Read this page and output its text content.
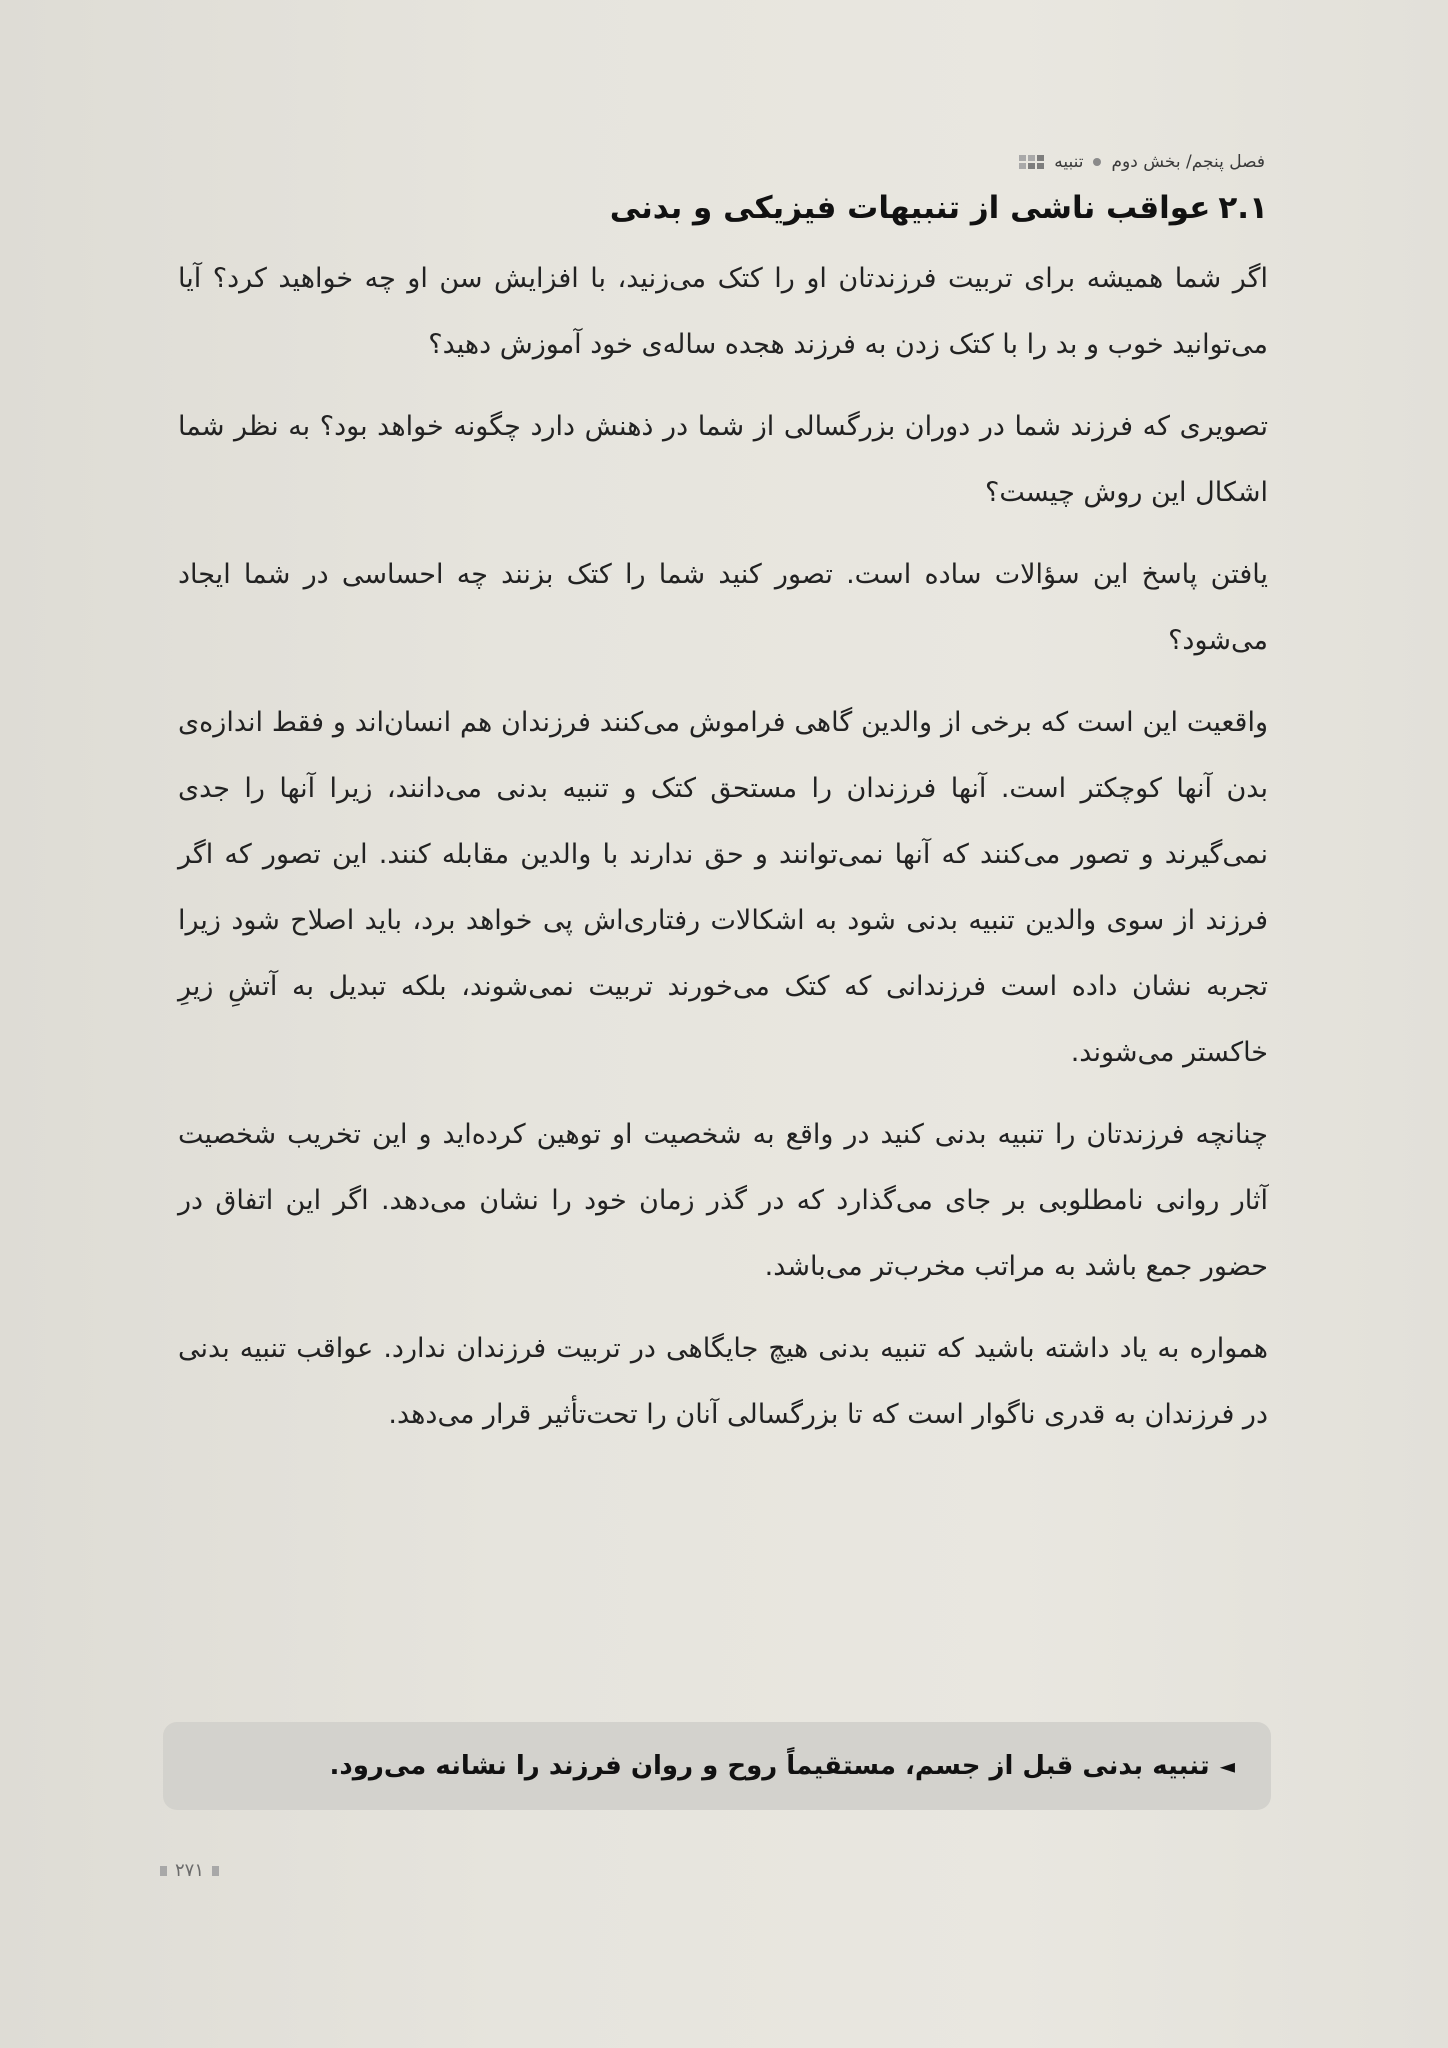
فصل پنجم/ بخش دوم
تنبیه
۲.۱عواقب ناشی از تنبیهات فیزیکی و بدنی

اگر شما همیشه برای تربیت فرزندتان او را کتک می‌زنید، با افزایش سن او چه خواهید کرد؟ آیا می‌توانید خوب و بد را با کتک زدن به فرزند هجده ساله‌ی خود آموزش دهید؟

تصویری که فرزند شما در دوران بزرگسالی از شما در ذهنش دارد چگونه خواهد بود؟ به نظر شما اشکال این روش چیست؟

یافتن پاسخ این سؤالات ساده است. تصور کنید شما را کتک بزنند چه احساسی در شما ایجاد می‌شود؟

واقعیت این است که برخی از والدین گاهی فراموش می‌کنند فرزندان هم انسان‌اند و فقط اندازه‌ی بدن آنها کوچکتر است. آنها فرزندان را مستحق کتک و تنبیه بدنی می‌دانند، زیرا آنها را جدی نمی‌گیرند و تصور می‌کنند که آنها نمی‌توانند و حق ندارند با والدین مقابله کنند. این تصور که اگر فرزند از سوی والدین تنبیه بدنی شود به اشکالات رفتاری‌اش پی خواهد برد، باید اصلاح شود زیرا تجربه نشان داده است فرزندانی که کتک می‌خورند تربیت نمی‌شوند، بلکه تبدیل به آتشِ زیرِ خاکستر می‌شوند.

چنانچه فرزندتان را تنبیه بدنی کنید در واقع به شخصیت او توهین کرده‌اید و این تخریب شخصیت آثار روانی نامطلوبی بر جای می‌گذارد که در گذر زمان خود را نشان می‌دهد. اگر این اتفاق در حضور جمع باشد به مراتب مخرب‌تر می‌باشد.

همواره به یاد داشته باشید که تنبیه بدنی هیچ جایگاهی در تربیت فرزندان ندارد. عواقب تنبیه بدنی در فرزندان به قدری ناگوار است که تا بزرگسالی آنان را تحت‌تأثیر قرار می‌دهد.

◄
تنبیه بدنی قبل از جسم، مستقیماً روح و روان فرزند را نشانه می‌رود.
۲۷۱
